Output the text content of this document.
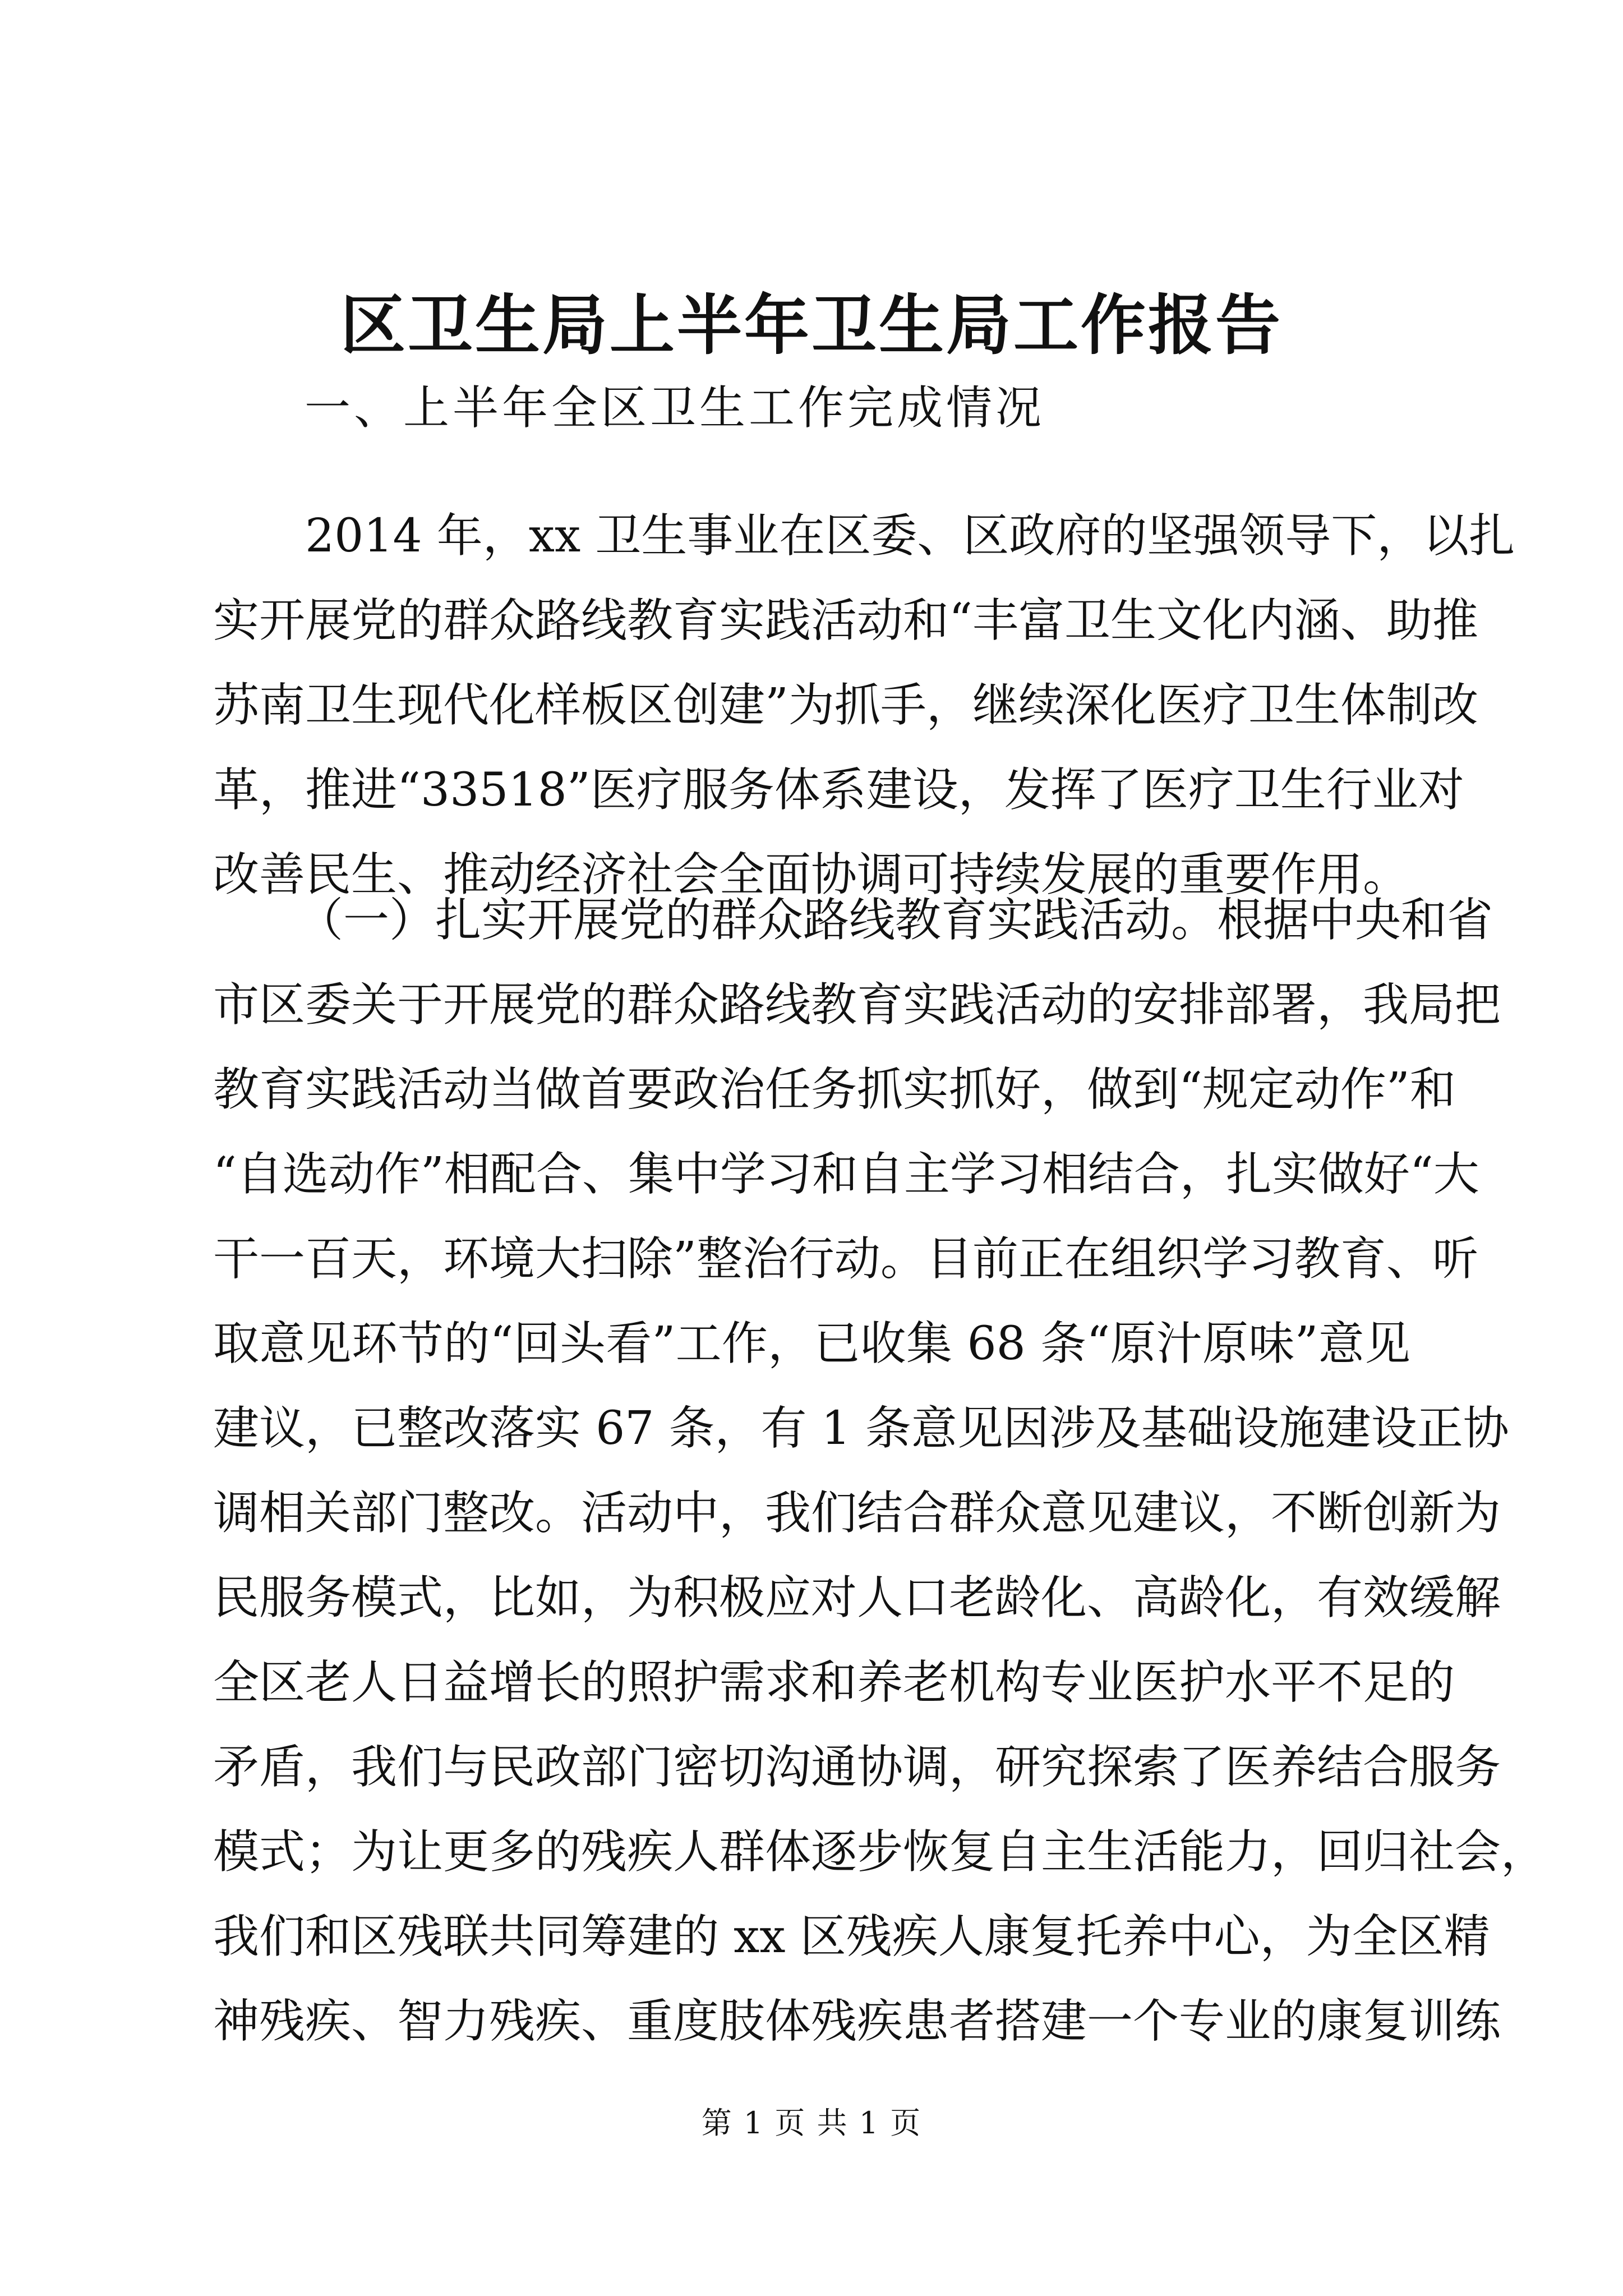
区卫生局上半年卫生局工作报告
一、上半年全区卫生工作完成情况
2014 年，xx 卫生事业在区委、区政府的坚强领导下，以扎
实开展党的群众路线教育实践活动和“丰富卫生文化内涵、助推
苏南卫生现代化样板区创建”为抓手，继续深化医疗卫生体制改
革，推进“33518”医疗服务体系建设，发挥了医疗卫生行业对
改善民生、推动经济社会全面协调可持续发展的重要作用。
（一）扎实开展党的群众路线教育实践活动。根据中央和省
市区委关于开展党的群众路线教育实践活动的安排部署，我局把
教育实践活动当做首要政治任务抓实抓好，做到“规定动作”和
“自选动作”相配合、集中学习和自主学习相结合，扎实做好“大
干一百天，环境大扫除”整治行动。目前正在组织学习教育、听
取意见环节的“回头看”工作，已收集 68 条“原汁原味”意见
建议，已整改落实 67 条，有 1 条意见因涉及基础设施建设正协
调相关部门整改。活动中，我们结合群众意见建议，不断创新为
民服务模式，比如，为积极应对人口老龄化、高龄化，有效缓解
全区老人日益增长的照护需求和养老机构专业医护水平不足的
矛盾，我们与民政部门密切沟通协调，研究探索了医养结合服务
模式；为让更多的残疾人群体逐步恢复自主生活能力，回归社会，
我们和区残联共同筹建的 xx 区残疾人康复托养中心，为全区精
神残疾、智力残疾、重度肢体残疾患者搭建一个专业的康复训练
第 1 页 共 1 页
